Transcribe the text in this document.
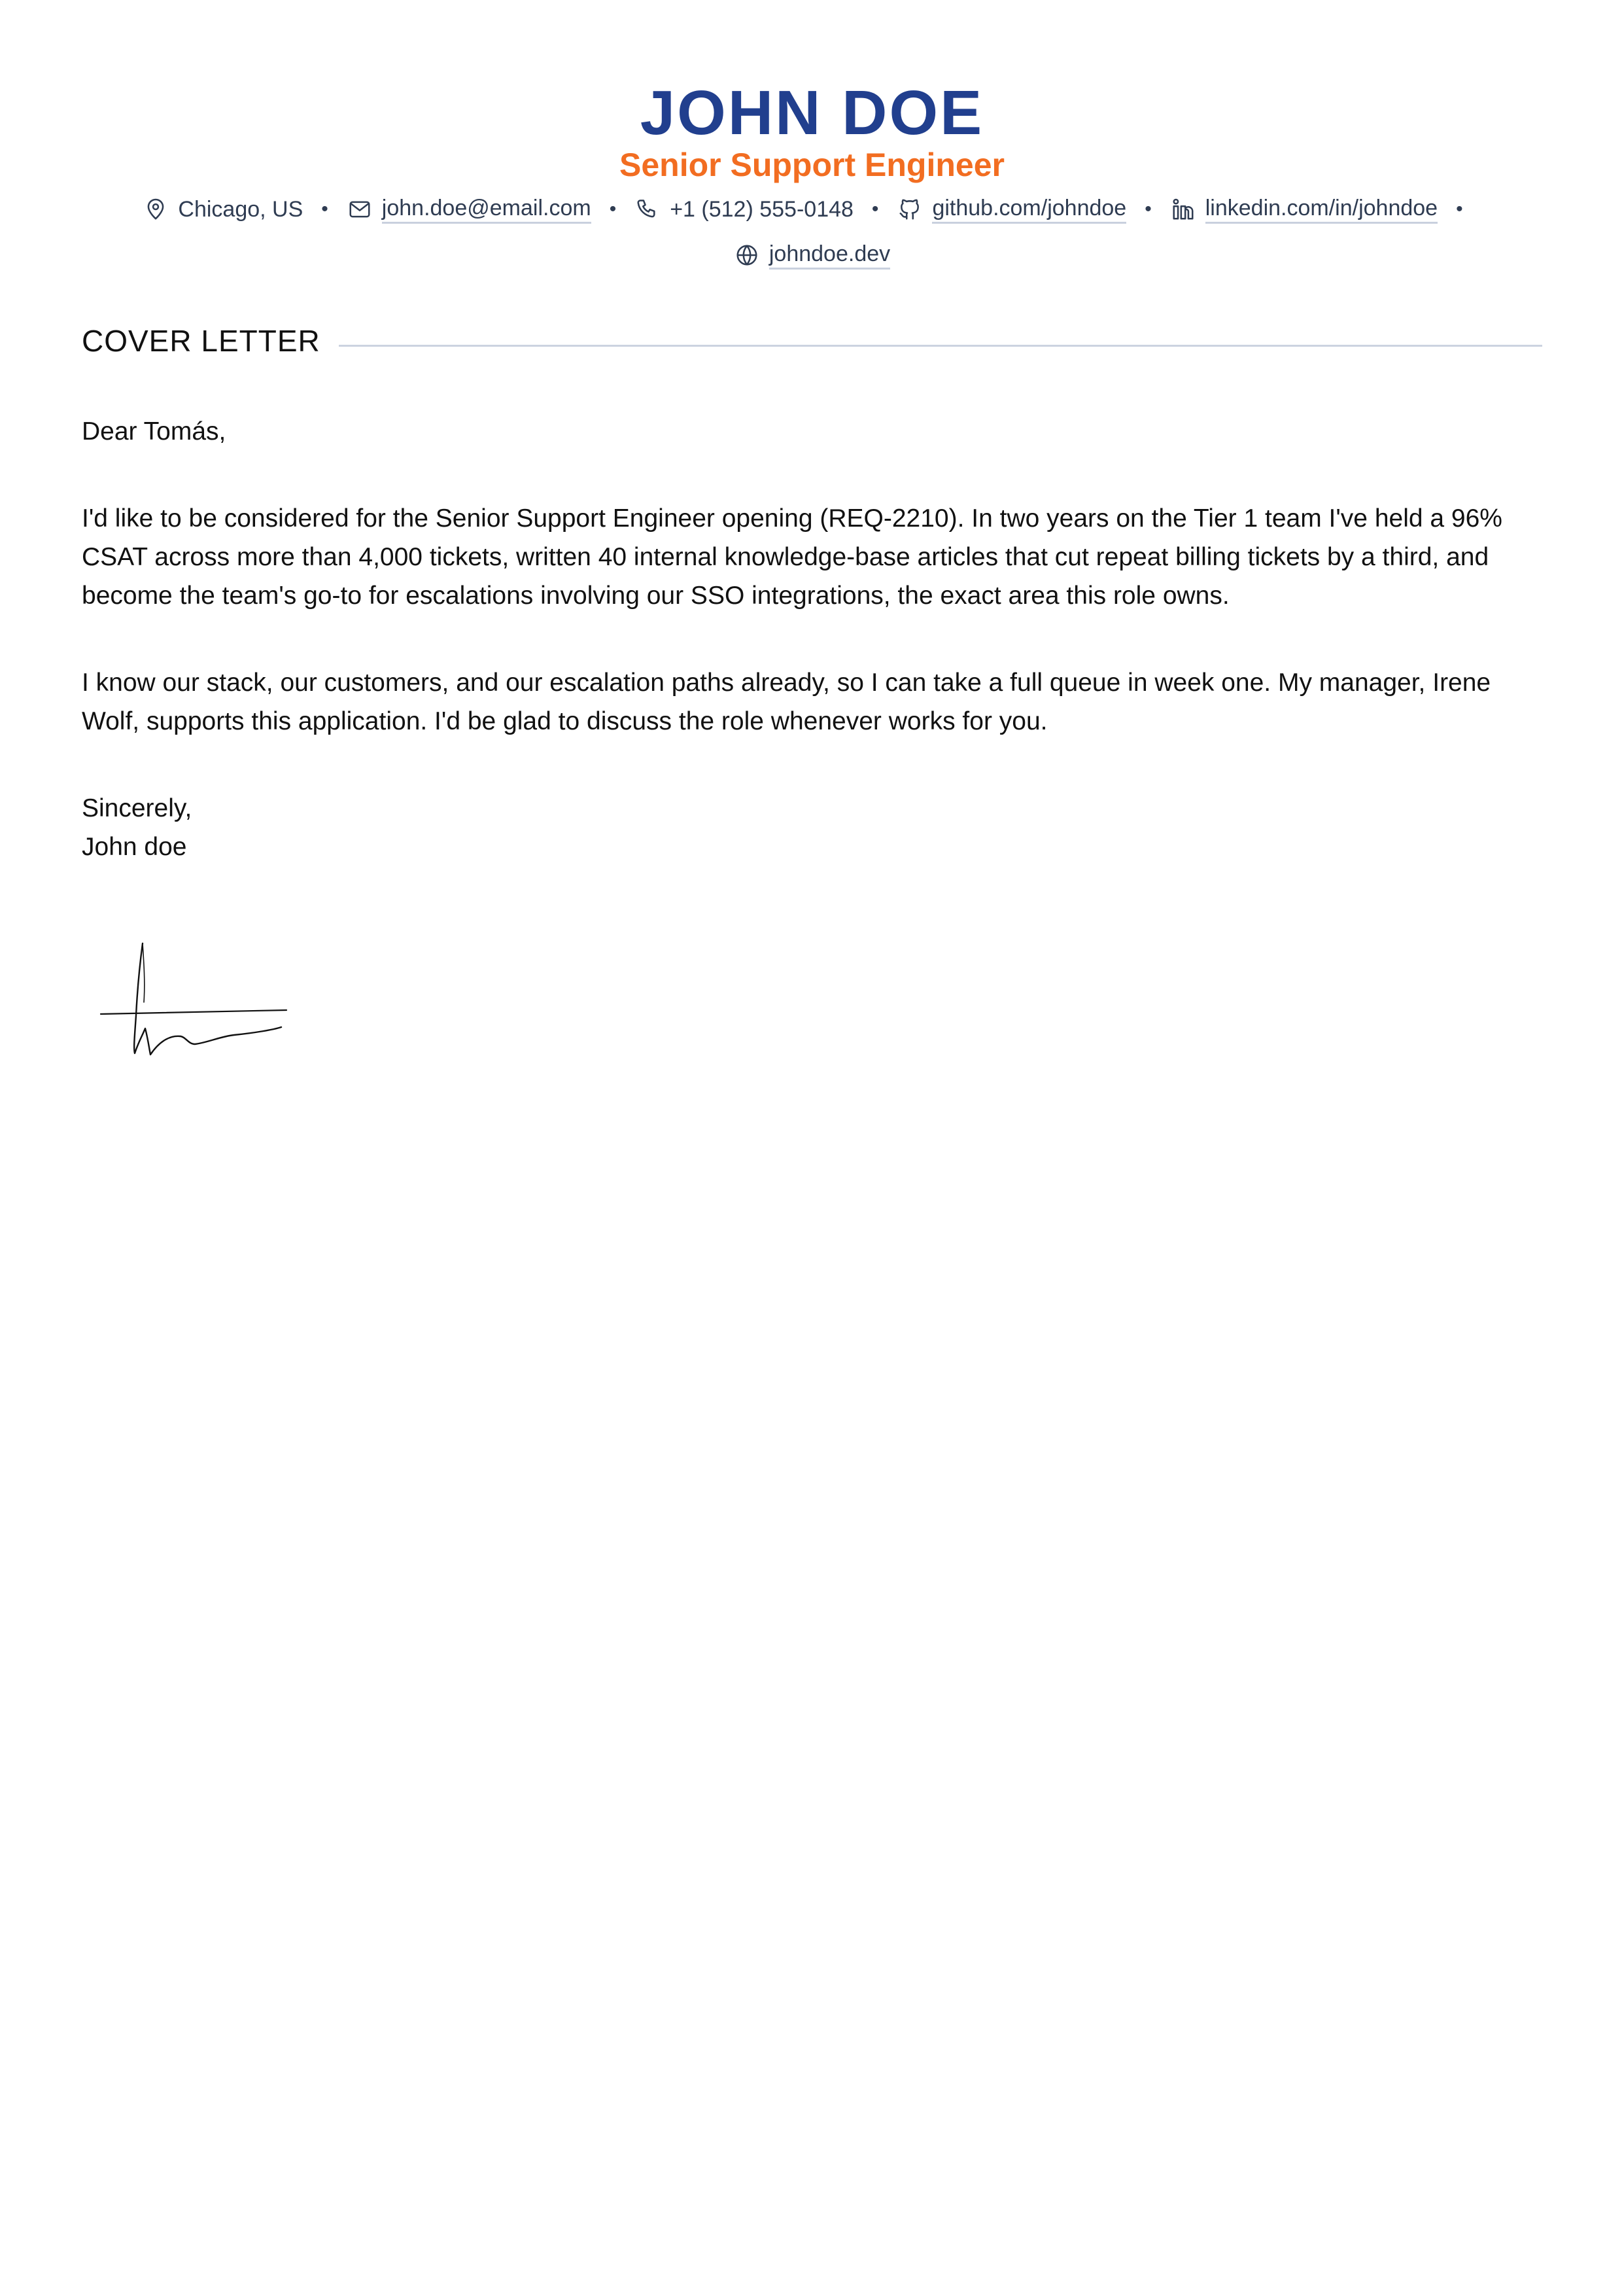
JOHN DOE
Senior Support Engineer
Chicago, US • john.doe@email.com • +1 (512) 555-0148 • github.com/johndoe • linkedin.com/in/johndoe •
johndoe.dev
COVER LETTER

Dear Tomás,

I'd like to be considered for the Senior Support Engineer opening (REQ-2210). In two years on the Tier 1 team I've held a 96% CSAT across more than 4,000 tickets, written 40 internal knowledge-base articles that cut repeat billing tickets by a third, and become the team's go-to for escalations involving our SSO integrations, the exact area this role owns.

I know our stack, our customers, and our escalation paths already, so I can take a full queue in week one. My manager, Irene Wolf, supports this application. I'd be glad to discuss the role whenever works for you.

Sincerely,
John doe
